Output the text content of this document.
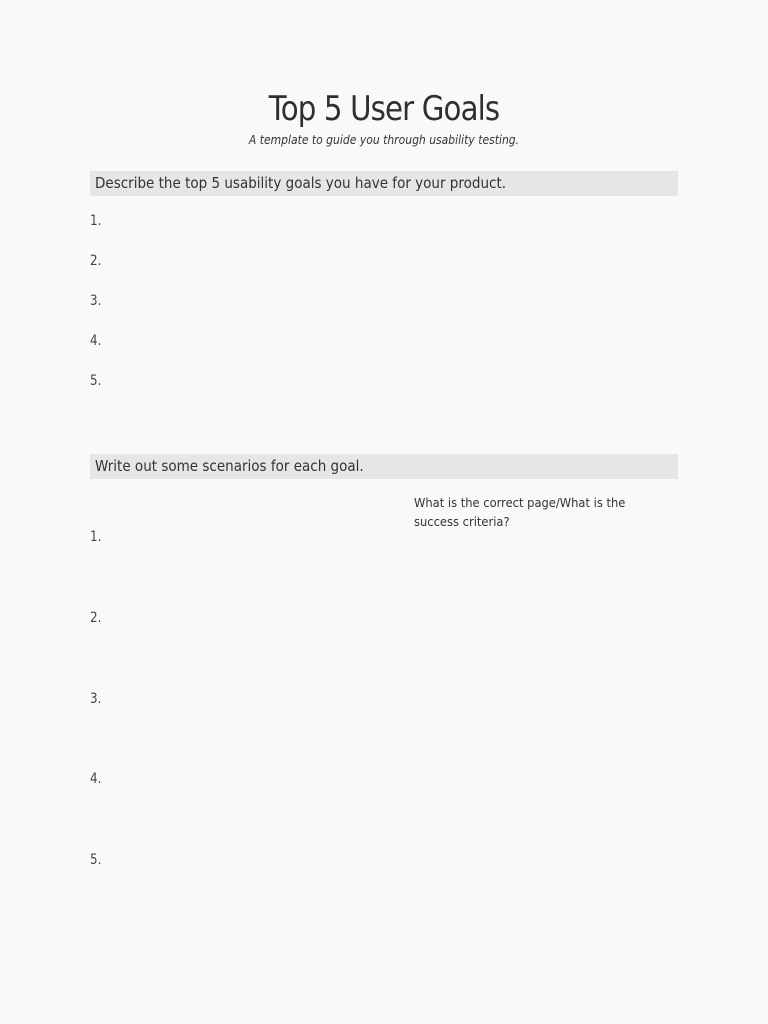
Top 5 User Goals
A template to guide you through usability testing.
Describe the top 5 usability goals you have for your product.
1.
2.
3.
4.
5.
Write out some scenarios for each goal.
What is the correct page/What is the
success criteria?
1.
2.
3.
4.
5.
